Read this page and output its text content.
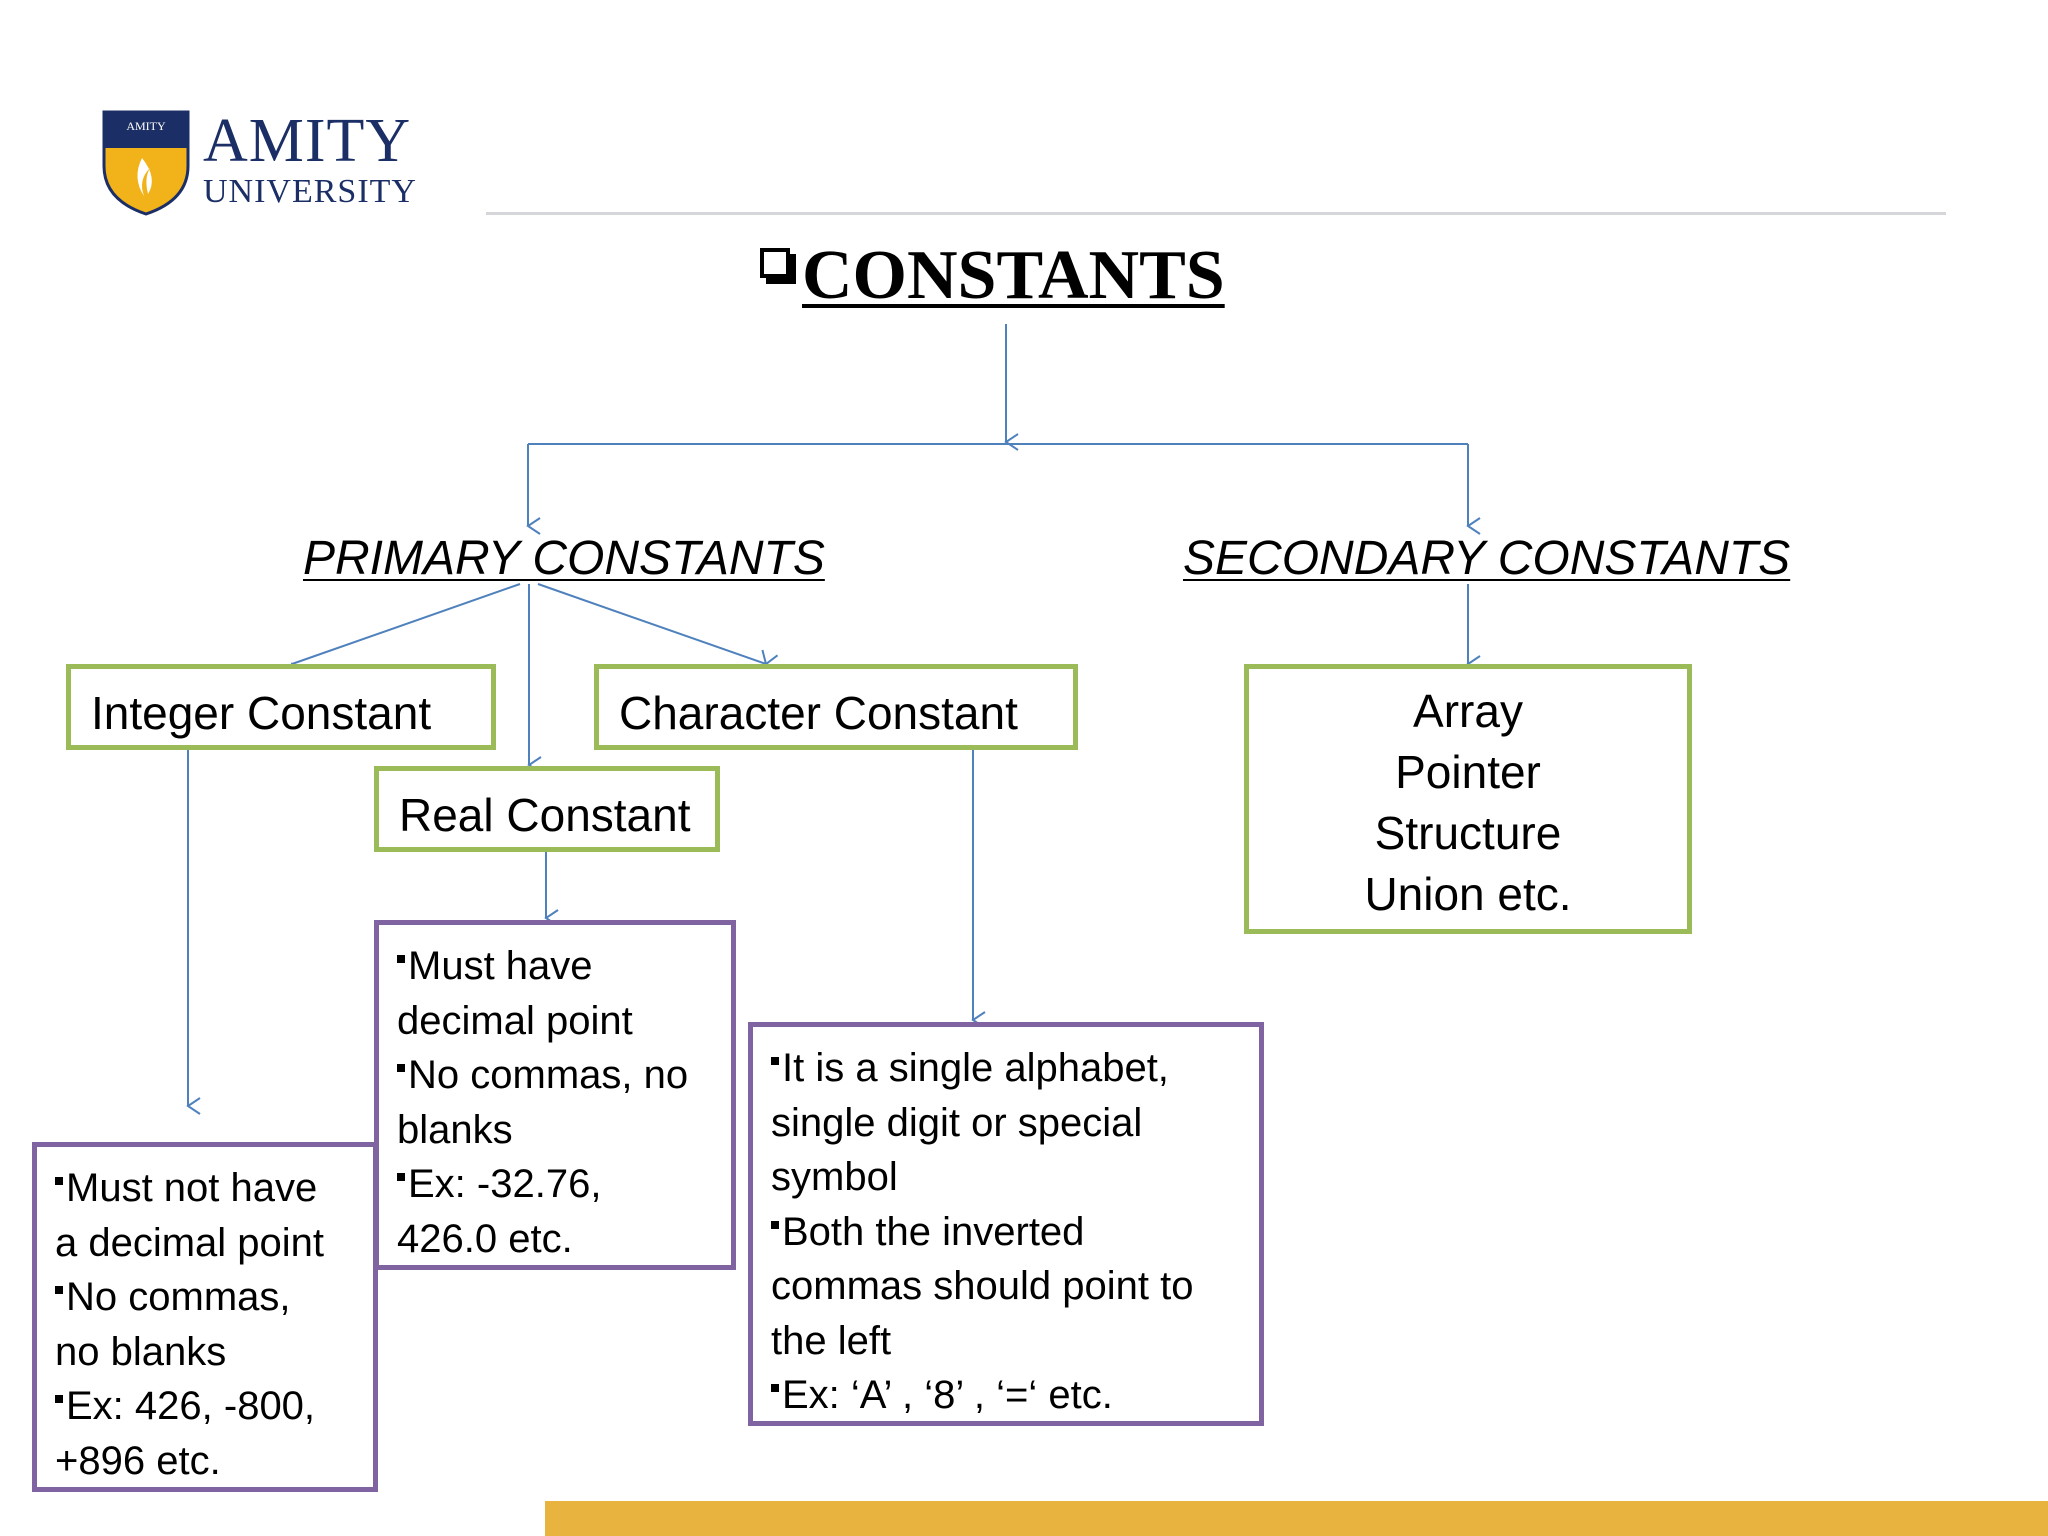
AMITY AMITY
UNIVERSITY
CONSTANTS
PRIMARY CONSTANTS	SECONDARY CONSTANTS
Integer Constant
Real Constant
Character Constant	Array
Pointer
Structure
Union etc.
Must not have
a decimal point
No commas,
no blanks
Ex: 426, -800,
+896 etc.
Must have
decimal point
No commas, no
blanks
Ex: -32.76,
426.0 etc.
It is a single alphabet,
single digit or special
symbol
Both the inverted
commas should point to
the left
Ex: ‘A’ , ‘8’ , ‘=‘ etc.
